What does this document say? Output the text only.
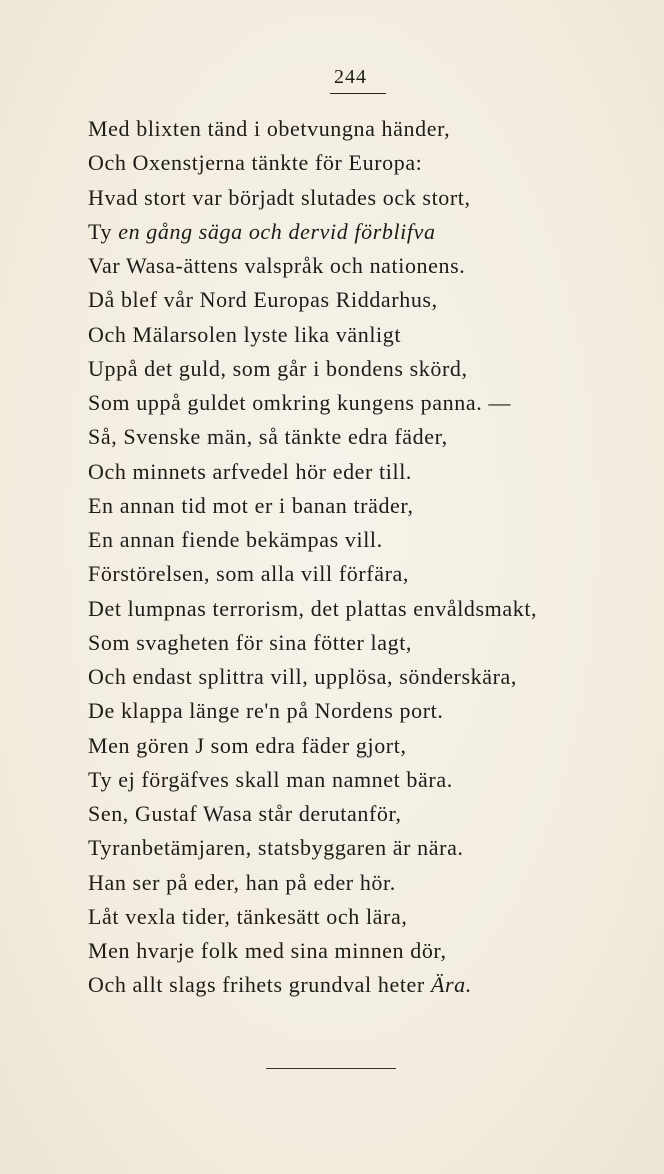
244
Med blixten tänd i obetvungna händer,
Och Oxenstjerna tänkte för Europa:
Hvad stort var börjadt slutades ock stort,
Ty en gång säga och dervid förblifva
Var Wasa-ättens valspråk och nationens.
Då blef vår Nord Europas Riddarhus,
Och Mälarsolen lyste lika vänligt
Uppå det guld, som går i bondens skörd,
Som uppå guldet omkring kungens panna. —
Så, Svenske män, så tänkte edra fäder,
Och minnets arfvedel hör eder till.
En annan tid mot er i banan träder,
En annan fiende bekämpas vill.
Förstörelsen, som alla vill förfära,
Det lumpnas terrorism, det plattas envåldsmakt,
Som svagheten för sina fötter lagt,
Och endast splittra vill, upplösa, sönderskära,
De klappa länge re'n på Nordens port.
Men gören J som edra fäder gjort,
Ty ej förgäfves skall man namnet bära.
Sen, Gustaf Wasa står derutanför,
Tyranbetämjaren, statsbyggaren är nära.
Han ser på eder, han på eder hör.
Låt vexla tider, tänkesätt och lära,
Men hvarje folk med sina minnen dör,
Och allt slags frihets grundval heter Ära.
